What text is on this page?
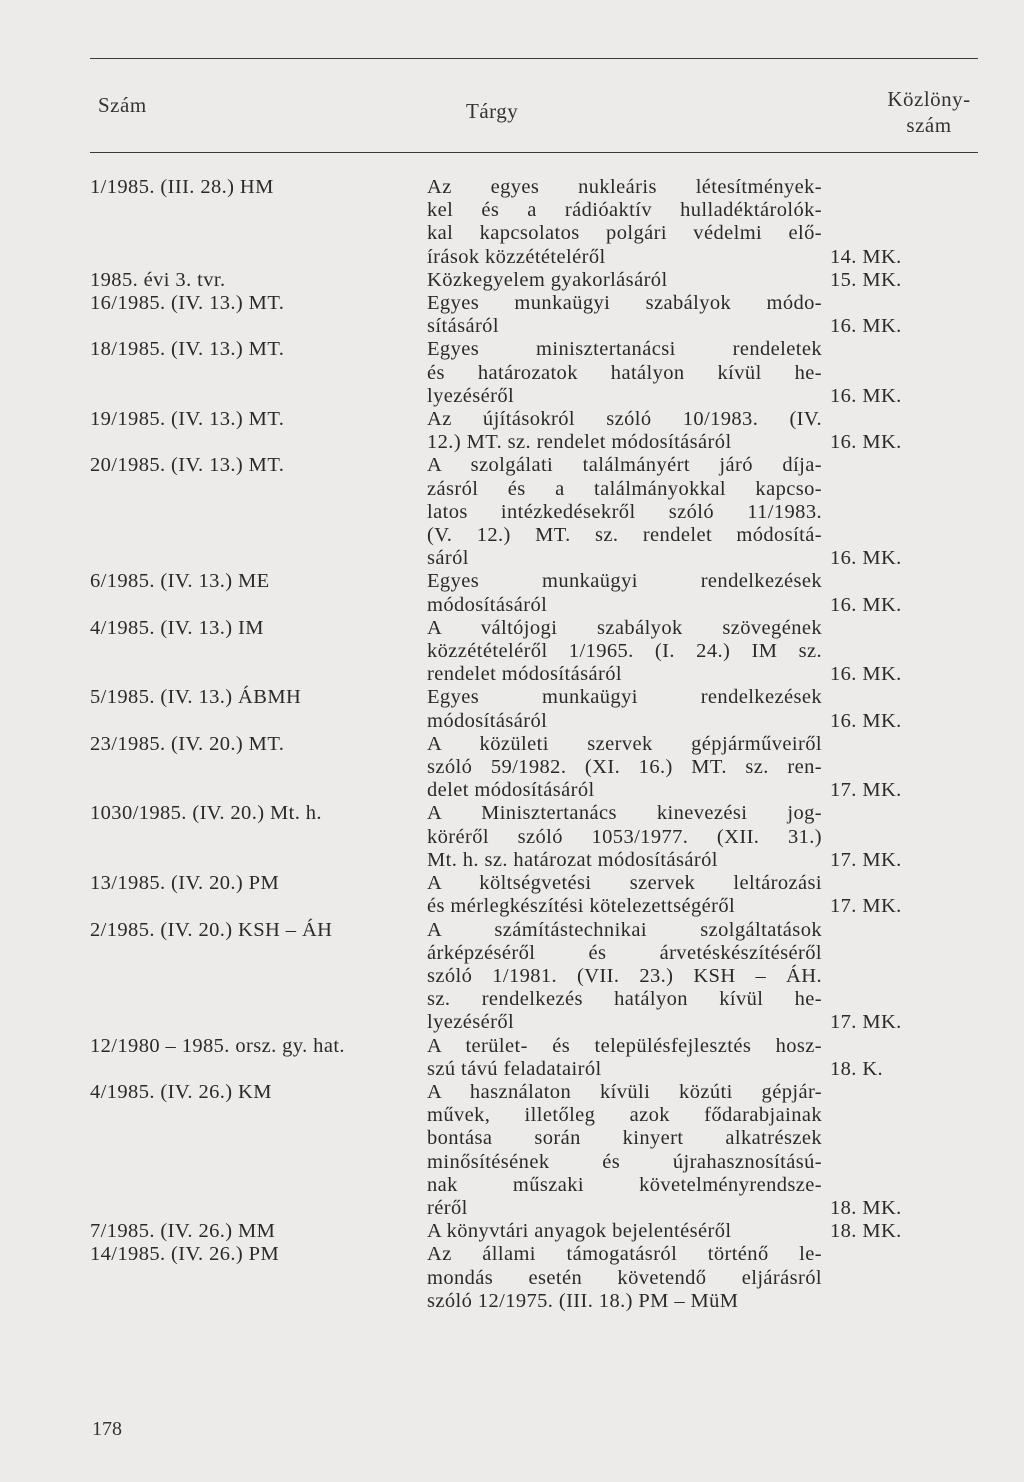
Szám	Tárgy	Közlöny-
szám
1/1985. (III. 28.) HM	Az egyes nukleáris létesítmények-
kel és a rádióaktív hulladéktárolók-
kal kapcsolatos polgári védelmi elő-
írások közzétételéről	14. MK.
1985. évi 3. tvr.	Közkegyelem gyakorlásáról	15. MK.
16/1985. (IV. 13.) MT.	Egyes munkaügyi szabályok módo-
sításáról	16. MK.
18/1985. (IV. 13.) MT.	Egyes minisztertanácsi rendeletek
és határozatok hatályon kívül he-
lyezéséről	16. MK.
19/1985. (IV. 13.) MT.	Az újításokról szóló 10/1983. (IV.
12.) MT. sz. rendelet módosításáról	16. MK.
20/1985. (IV. 13.) MT.	A szolgálati találmányért járó díja-
zásról és a találmányokkal kapcso-
latos intézkedésekről szóló 11/1983.
(V. 12.) MT. sz. rendelet módosítá-
sáról	16. MK.
6/1985. (IV. 13.) ME	Egyes munkaügyi rendelkezések
módosításáról	16. MK.
4/1985. (IV. 13.) IM	A váltójogi szabályok szövegének
közzétételéről 1/1965. (I. 24.) IM sz.
rendelet módosításáról	16. MK.
5/1985. (IV. 13.) ÁBMH	Egyes munkaügyi rendelkezések
módosításáról	16. MK.
23/1985. (IV. 20.) MT.	A közületi szervek gépjárműveiről
szóló 59/1982. (XI. 16.) MT. sz. ren-
delet módosításáról	17. MK.
1030/1985. (IV. 20.) Mt. h.	A Minisztertanács kinevezési jog-
köréről szóló 1053/1977. (XII. 31.)
Mt. h. sz. határozat módosításáról	17. MK.
13/1985. (IV. 20.) PM	A költségvetési szervek leltározási
és mérlegkészítési kötelezettségéről	17. MK.
2/1985. (IV. 20.) KSH – ÁH	A számítástechnikai szolgáltatások
árképzéséről és árvetéskészítéséről
szóló 1/1981. (VII. 23.) KSH – ÁH.
sz. rendelkezés hatályon kívül he-
lyezéséről	17. MK.
12/1980 – 1985. orsz. gy. hat.	A terület- és településfejlesztés hosz-
szú távú feladatairól	18. K.
4/1985. (IV. 26.) KM	A használaton kívüli közúti gépjár-
művek, illetőleg azok fődarabjainak
bontása során kinyert alkatrészek
minősítésének és újrahasznosítású-
nak műszaki követelményrendsze-
réről	18. MK.
7/1985. (IV. 26.) MM	A könyvtári anyagok bejelentéséről	18. MK.
14/1985. (IV. 26.) PM	Az állami támogatásról történő le-
mondás esetén követendő eljárásról
szóló 12/1975. (III. 18.) PM – MüM
178
